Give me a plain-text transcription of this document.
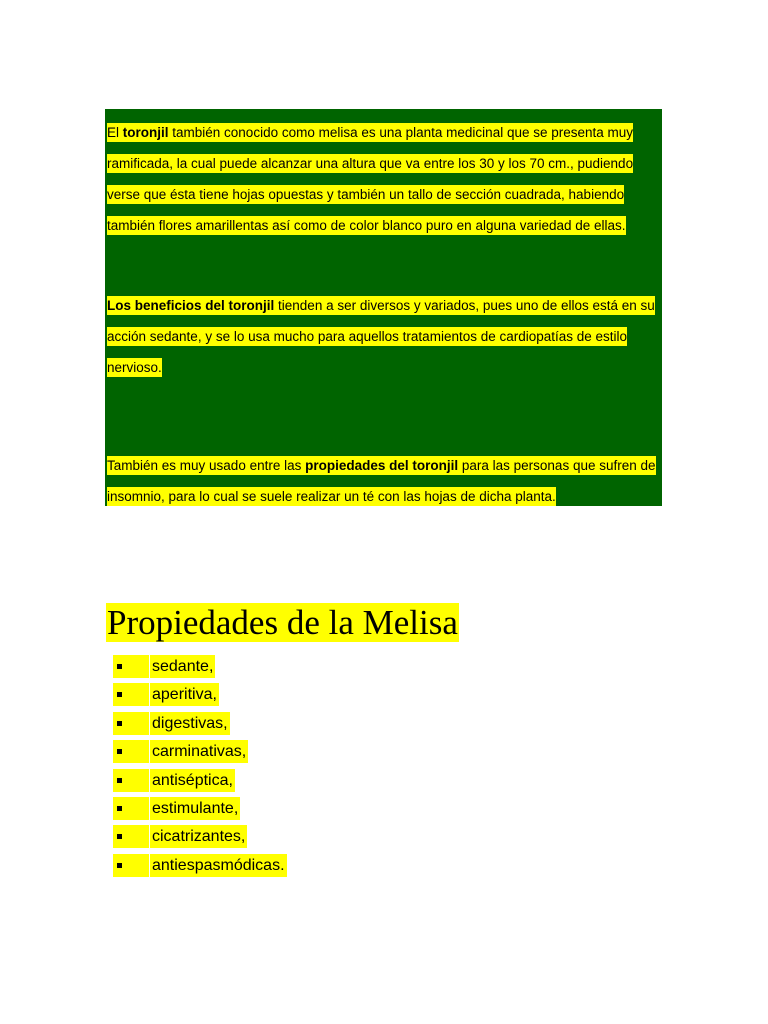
El toronjil también conocido como melisa es una planta medicinal que se presenta muy ramificada, la cual puede alcanzar una altura que va entre los 30 y los 70 cm., pudiendo verse que ésta tiene hojas opuestas y también un tallo de sección cuadrada, habiendo también flores amarillentas así como de color blanco puro en alguna variedad de ellas.

Los beneficios del toronjil tienden a ser diversos y variados, pues uno de ellos está en su acción sedante, y se lo usa mucho para aquellos tratamientos de cardiopatías de estilo nervioso.

También es muy usado entre las propiedades del toronjil para las personas que sufren de insomnio, para lo cual se suele realizar un té con las hojas de dicha planta.

Propiedades de la Melisa
sedante,
aperitiva,
digestivas,
carminativas,
antiséptica,
estimulante,
cicatrizantes,
antiespasmódicas.
